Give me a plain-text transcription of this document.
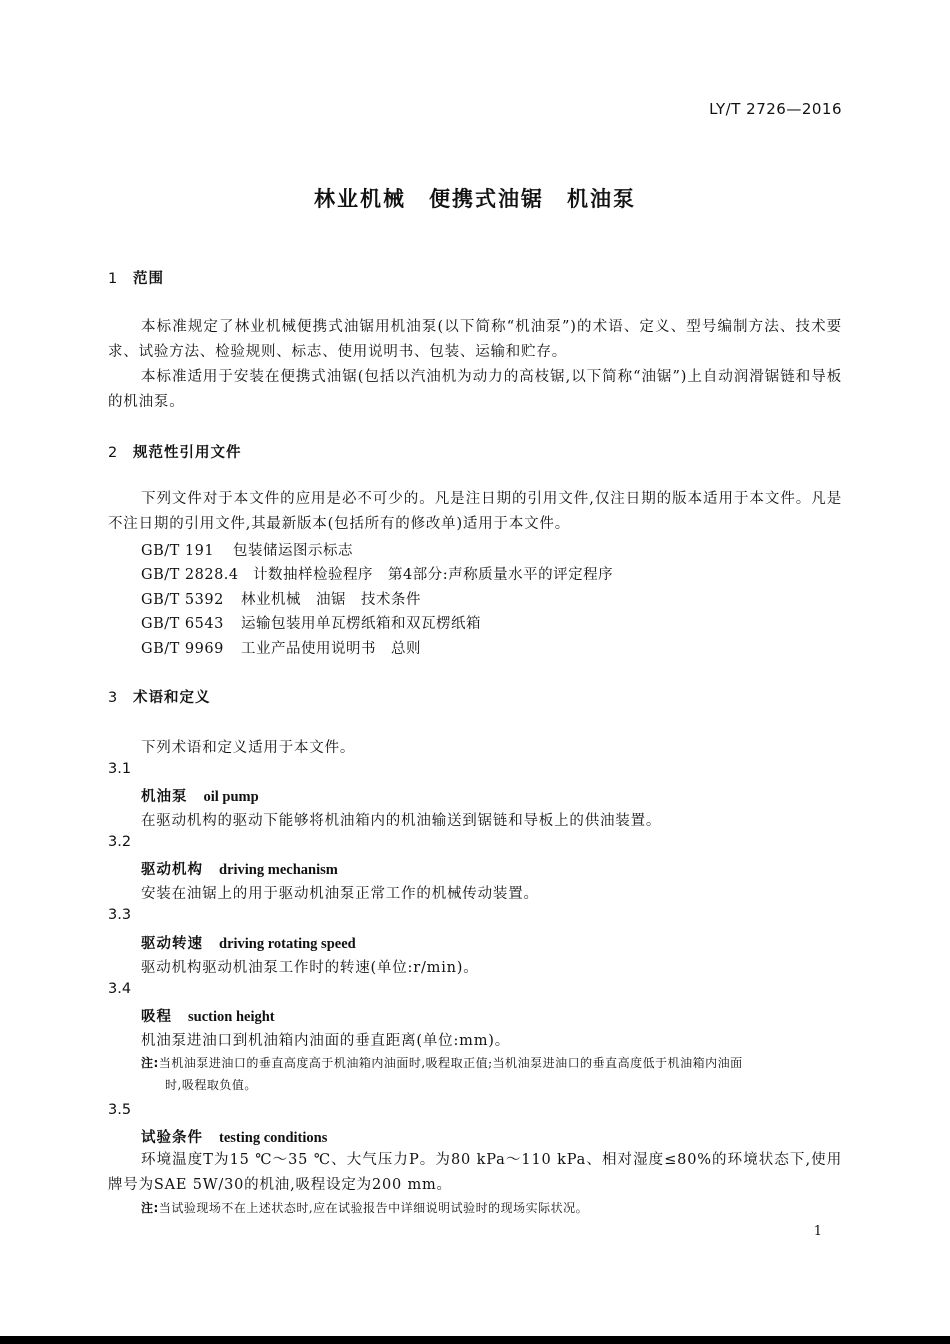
LY/T 2726—2016
林业机械　便携式油锯　机油泵
1 范围

本标准规定了林业机械便携式油锯用机油泵(以下简称“机油泵”)的术语、定义、型号编制方法、技术要求、试验方法、检验规则、标志、使用说明书、包装、运输和贮存。

本标准适用于安装在便携式油锯(包括以汽油机为动力的高枝锯,以下简称“油锯”)上自动润滑锯链和导板的机油泵。

2 规范性引用文件

下列文件对于本文件的应用是必不可少的。凡是注日期的引用文件,仅注日期的版本适用于本文件。凡是不注日期的引用文件,其最新版本(包括所有的修改单)适用于本文件。

GB/T 191 包装储运图示标志
GB/T 2828.4 计数抽样检验程序　第4部分:声称质量水平的评定程序
GB/T 5392 林业机械　油锯　技术条件
GB/T 6543 运输包装用单瓦楞纸箱和双瓦楞纸箱
GB/T 9969 工业产品使用说明书　总则
3 术语和定义
下列术语和定义适用于本文件。
3.1
机油泵 oil pump
在驱动机构的驱动下能够将机油箱内的机油输送到锯链和导板上的供油装置。
3.2
驱动机构 driving mechanism
安装在油锯上的用于驱动机油泵正常工作的机械传动装置。
3.3
驱动转速 driving rotating speed
驱动机构驱动机油泵工作时的转速(单位:r/min)。
3.4
吸程 suction height
机油泵进油口到机油箱内油面的垂直距离(单位:mm)。
注:当机油泵进油口的垂直高度高于机油箱内油面时,吸程取正值;当机油泵进油口的垂直高度低于机油箱内油面
时,吸程取负值。
3.5
试验条件 testing conditions

环境温度T为15 ℃～35 ℃、大气压力P。为80 kPa～110 kPa、相对湿度≤80%的环境状态下,使用牌号为SAE 5W/30的机油,吸程设定为200 mm。

注:当试验现场不在上述状态时,应在试验报告中详细说明试验时的现场实际状况。
1
